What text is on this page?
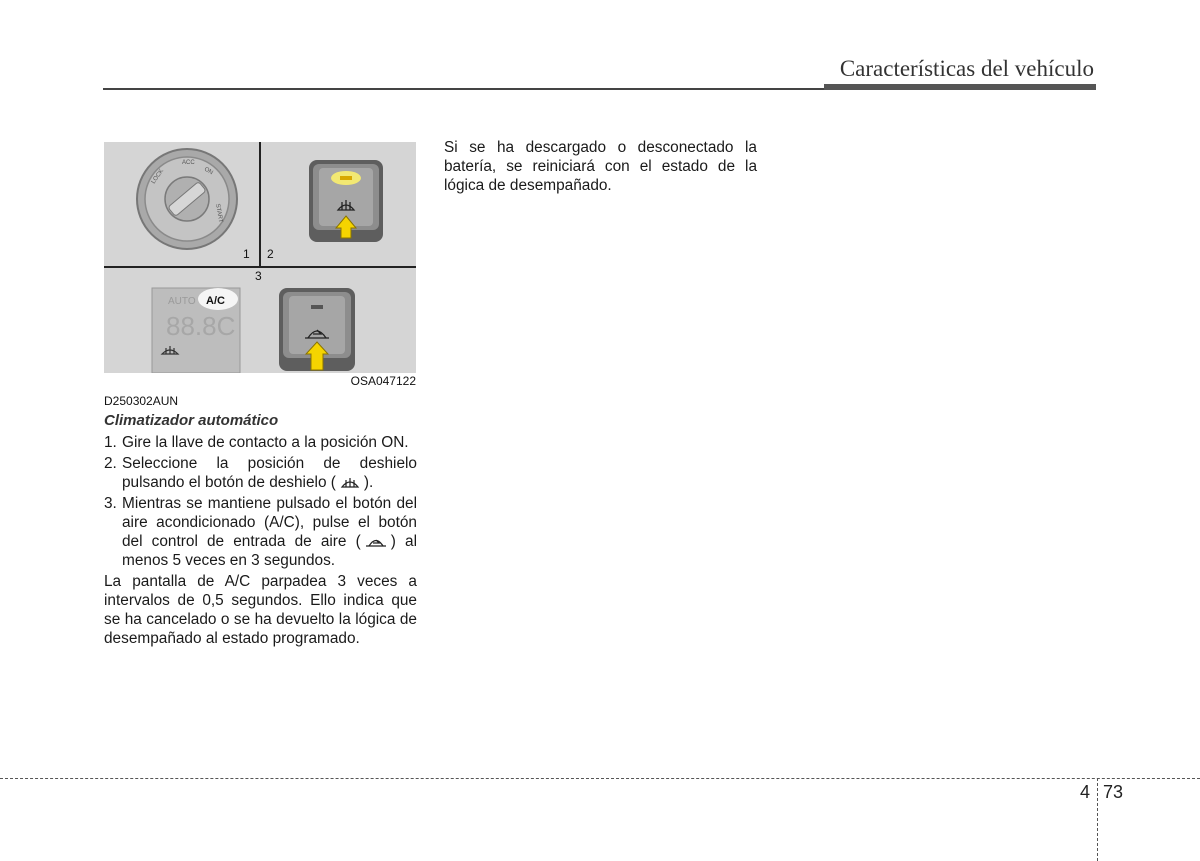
Características del vehículo
LOCK
ACC
ON
START
A/C
AUTO
88.8C
1 2
3
OSA047122
D250302AUN
Climatizador automático
1. Gire la llave de contacto a la posición ON.
2. Seleccione la posición de deshielo pulsando el botón de deshielo ( ).
3. Mientras se mantiene pulsado el botón del aire acondicionado (A/C), pulse el botón del control de entrada de aire ( ) al menos 5 veces en 3 segundos.

La pantalla de A/C parpadea 3 veces a intervalos de 0,5 segundos. Ello indica que se ha cancelado o se ha devuelto la lógica de desempañado al estado programado.

Si se ha descargado o desconectado la batería, se reiniciará con el estado de la lógica de desempañado.
4 73
